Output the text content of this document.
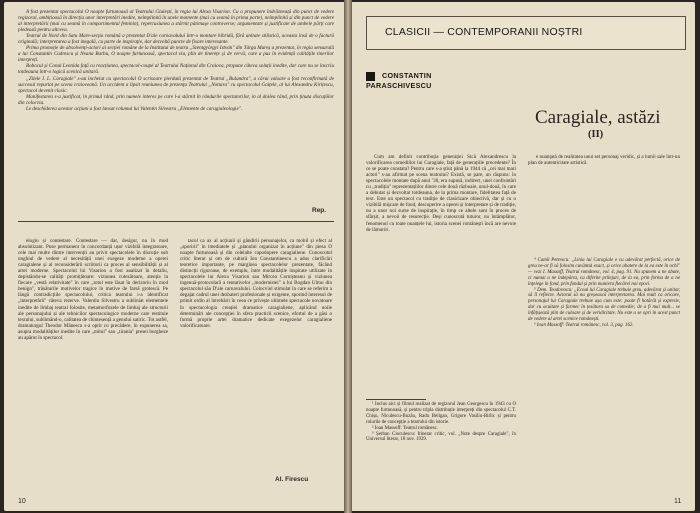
A fost prezentat spectacolul O noapte furtunoasă al Teatrului Giulești, în regia lui Alexa Visarion. Cu o propunere îndrăzneață din punct de vedere regizoral, ambițioasă în direcția unor interpretări inedite, neîmplinită în unele momente (mai cu seamă în prima parte), neîmplinită și din punct de vedere al interpretării (mai cu seamă în compartimentul feminin), repercusiunea a stârnit pătimașe controverse; argumentate și justificate de ambele părți care pledează pentru altceva.

Teatrul de Nord din Satu Mare-secția română a prezentat D'ale carnavalului într-o montare hibridă, fără unitate stilistică, aceasta însă de o factură originală; interpretarea a fost inegală, cu parte de inspirație, dar dezvoltă puncte de fixare interesante.

Prima promoție de absolvenți-actori ai secției române de la Institutul de teatru „Szentgyörgyi István" din Târgu Mureș a prezentat, în regia sensurală a lui Constantin Codrescu și Neana Barbu, O noapte furtunoasă, spectacol viu, plin de tinerețe și de vervă, care a pus în evidență calitățile tinerilor interpreți.

Bobocul și Conul Leonida față cu reacțiunea, spectacol-coupé al Teatrului Național din Craiova, propune câteva soluții inedite, dar care nu se înscriu totdeauna într-o logică scenică unitară.

„Zilele I. L. Caragiale" s-au încheiat cu spectacolul O scrisoare pierdută prezentat de Teatrul „Bulandra", a cărui valoare a fost reconfirmată de succesul repurtat pe scena craioveană. Un accident a lipsit reuniunea de prezența Teatrului „Nottara" cu spectacolul Gaițele, al lui Alexandru Kirițescu, spectacol devenit clasic.

Manifestarea s-a justificat, în primul rând, prin numele interes pe care l-a stârnit în rândurile spectatorilor, in al doilea rând, prin ținuta discuțiilor din colocviu.

Le deschiderea acestor acțiuni a fost lansat volumul lui Valentin Silvestru „Elemente de caragialeologie".

Rep.

elogiu și contestare. Contestare — dar, desigur, nu în mod absolutizant. Puse permanent în concordanță ușor vizibilă integratoare, cele mai multe dintre intervenții au privit spectacolele în discuție sub unghiul de vedere al necesității unei exegeze moderne a operei caragialene și al reconsiderării scriiturii ca proces al sensibilității și al artei moderne. Spectacolul lui Visarion a fost analizat în detaliu, depistându-se calități promițătoare: viziunea cutezătoare, atenția la fiecare „vestă relativitate" în care „totul este lăsat în derizoriu în mod benign", trăsăturile motivelor tragice în motive de farsă grotescă. Pe lângă contradicțiile spectacolului, critica teatrului i-a identificat „interpretării" câteva rezerve. Valentin Silvestru a subliniat elementele inedite de limbaj teatral folosite, metamorfozele de limbaj ale structurii ale personajului și ale tehnicilor spectacologice moderne care restituie textului, sublimând-o, calitatea de chintesență a genului satiric. Tot astfel, dramaturgul Theodor Mănescu s-a oprit cu precădere, în expunerea sa, asupra modalităților inedite în care „mitul" sau „tirania" presei burgheze au apărut în spectacol.

tacol ca ax al acțiunii și gândirii personajelor, ca mobil și efect al „sporirii" în imediatele și „planului organizat în acțiune" din piesa O noapte furtunoasă și din celelalte capodopere caragialiene. Cunoscutul critic literar și om de cultură Ion Constantinescu a adus clarificări teoretice importante, pe marginea spectacolelor prezentate, făcând distincții riguroase, de exemplu, între modalitățile inspirate utilizate în spectacolele lui Alexa Visarion sau Mircea Cornișteanu și viziunea ingenuă-protocolară a tentativelor „modernistei" a lui Bogdan Ulmu din spectacolul său D'ale carnavalului. Colocviul stimulat în care se referim a degajat cadrul unei dezbateri profesionale și exigente, sporind interesul de primit ordin al întrebării în ceea ce privește ultimele spectacole novatoare în spectacologia creației dramatice caragialiene, aplicând noile determinări ale concepției în sfera practicii scenice, efortul de a găsi o formă proprie artei dramatice dedicate exegezelor caragialiene valorificatoare.

Al. Firescu
10
CLASICII — CONTEMPORANII NOȘTRI
CONSTANTIN
PARASCHIVESCU
Caragiale, astăzi
(II)

Cum am definit contribuția generației Sică Alexandrescu la valorificarea comediilor lui Caragiale, față de generațiile precedente? În ce se poate constata? Pentru care s-a știut până la 1944 că „cei mai mari actori" s-au afirmat pe scena teatrului? Există, se pare, un răspuns: în spectacolele montate după anul ’30, era supusă, indirect, unei confruntări cu „tradiția" reprezentațiilor dintre cele două războaie, unul-două, în care a debutat și dezvoltat totdeauna, de la prima montare, fidelitatea față de text. Este un spectacol cu tradiție de clasicizare obiectivă, dar și cu o vizibilă mișcare de fond, descoperire a operei și interpretare și de tradiție, nu a unor noi surse de inspirație, în timp ce altele sunt în proces de sfârșit, a nevoii de resurecție. Deși cunoscută tuturor, nu întâmplător, fenomenul cu toate nuanțele lui, istoria scenei românești încă are nevoie de lămuriri.

e nuanțată de realitatea unui set personaj veridic, și a lumii sale într-un plan de autenticitate artistică.

¹ Inclus aici și filmul realizat de regizorul Jean Georgescu în 1943 cu O noapte furtunoasă, și pentru tripla distribuție interpreți din spectacolul C.T. Chișu, Niculescu-Buzău, Radu Beligan, Grigore Vasiliu-Birlic și pentru rolurile de concepție a teatrului din istorie.

² Ioan Massoff: Teatrul românesc.

³ Șerban Cioculescu: Itinerar critic, vol. „Note despre Caragiale", în Universul literar, 18 nov. 1939.

⁴ Camil Petrescu: „Linia lui Caragiale e cu adevărat perfectă, orice de greu ne-ar fi să folosim cuvântul exact, și orice abatere de la ea este în ochi" — vezi I. Massoff, Teatrul românesc, vol. 4, pag. 91. Nu spunem a ne abate, ci numai a ne îndepărta, cu diferite prilejuri, de la ea, prin forma de a ne înțelege în fond, prin fondul și prin maniera fiecărei noi epoci.

⁵ Dem. Teodorescu: „Ecoul lui Caragiale trebuie greu, adevărat și unitar, să îl reflecte. Actorul să nu greșească interpretarea. Mai mult ca oricare, personajul lui Caragiale trebuie așa cum este: poate fi hotărât și expresiv, dar cu acuitate și farmec în țesătura sa de comedie; de a fi mai mult... se înfățișează plin de culoare și de veridicitate. Nu este a se opri în acest punct de vedere al artei scenice românești.

⁶ Ioan Massoff: Teatrul românesc, vol. 3, pag. 162.

11
